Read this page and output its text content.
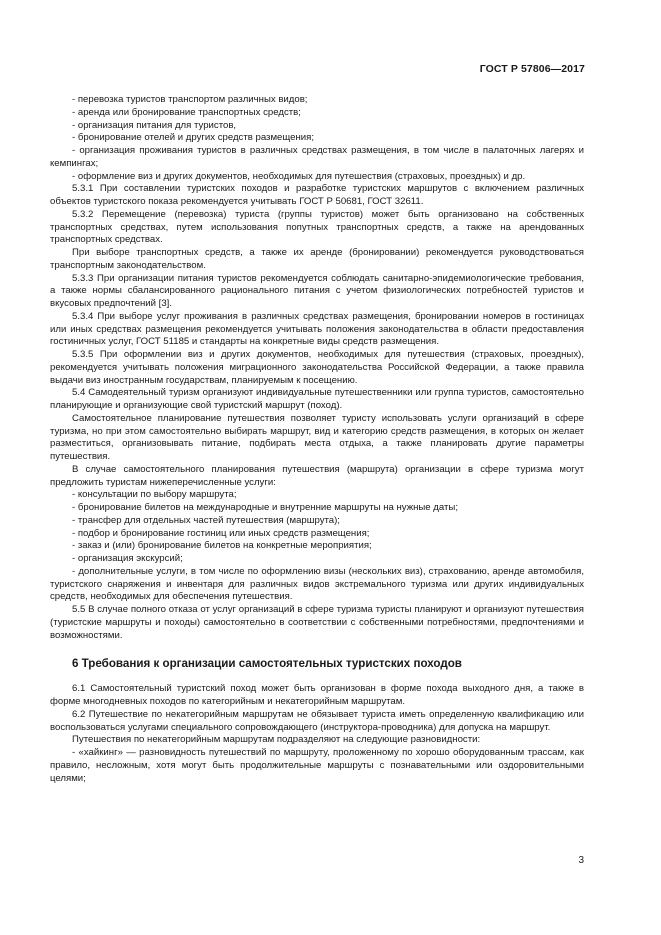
ГОСТ Р 57806—2017

- перевозка туристов транспортом различных видов;

- аренда или бронирование транспортных средств;

- организация питания для туристов,

- бронирование отелей и других средств размещения;

- организация проживания туристов в различных средствах размещения, в том числе в палаточных лагерях и кемпингах;

- оформление виз и других документов, необходимых для путешествия (страховых, проездных) и др.

5.3.1 При составлении туристских походов и разработке туристских маршрутов с включением различных объектов туристского показа рекомендуется учитывать ГОСТ Р 50681, ГОСТ 32611.

5.3.2 Перемещение (перевозка) туриста (группы туристов) может быть организовано на собственных транспортных средствах, путем использования попутных транспортных средств, а также на арендованных транспортных средствах.

При выборе транспортных средств, а также их аренде (бронировании) рекомендуется руководствоваться транспортным законодательством.

5.3.3 При организации питания туристов рекомендуется соблюдать санитарно-эпидемиологические требования, а также нормы сбалансированного рационального питания с учетом физиологических потребностей туристов и вкусовых предпочтений [3].

5.3.4 При выборе услуг проживания в различных средствах размещения, бронировании номеров в гостиницах или иных средствах размещения рекомендуется учитывать положения законодательства в области предоставления гостиничных услуг, ГОСТ 51185 и стандарты на конкретные виды средств размещения.

5.3.5 При оформлении виз и других документов, необходимых для путешествия (страховых, проездных), рекомендуется учитывать положения миграционного законодательства Российской Федерации, а также правила выдачи виз иностранным государствам, планируемым к посещению.

5.4 Самодеятельный туризм организуют индивидуальные путешественники или группа туристов, самостоятельно планирующие и организующие свой туристский маршрут (поход).

Самостоятельное планирование путешествия позволяет туристу использовать услуги организаций в сфере туризма, но при этом самостоятельно выбирать маршрут, вид и категорию средств размещения, в которых он желает разместиться, организовывать питание, подбирать места отдыха, а также планировать другие параметры путешествия.

В случае самостоятельного планирования путешествия (маршрута) организации в сфере туризма могут предложить туристам нижеперечисленные услуги:

- консультации по выбору маршрута;

- бронирование билетов на международные и внутренние маршруты на нужные даты;

- трансфер для отдельных частей путешествия (маршрута);

- подбор и бронирование гостиниц или иных средств размещения;

- заказ и (или) бронирование билетов на конкретные мероприятия;

- организация экскурсий;

- дополнительные услуги, в том числе по оформлению визы (нескольких виз), страхованию, аренде автомобиля, туристского снаряжения и инвентаря для различных видов экстремального туризма или других индивидуальных средств, необходимых для обеспечения путешествия.

5.5 В случае полного отказа от услуг организаций в сфере туризма туристы планируют и организуют путешествия (туристские маршруты и походы) самостоятельно в соответствии с собственными потребностями, предпочтениями и возможностями.

6 Требования к организации самостоятельных туристских походов

6.1 Самостоятельный туристский поход может быть организован в форме похода выходного дня, а также в форме многодневных походов по категорийным и некатегорийным маршрутам.

6.2 Путешествие по некатегорийным маршрутам не обязывает туриста иметь определенную квалификацию или воспользоваться услугами специального сопровождающего (инструктора-проводника) для допуска на маршрут.

Путешествия по некатегорийным маршрутам подразделяют на следующие разновидности:

- «хайкинг» — разновидность путешествий по маршруту, проложенному по хорошо оборудованным трассам, как правило, несложным, хотя могут быть продолжительные маршруты с познавательными или оздоровительными целями;

3
